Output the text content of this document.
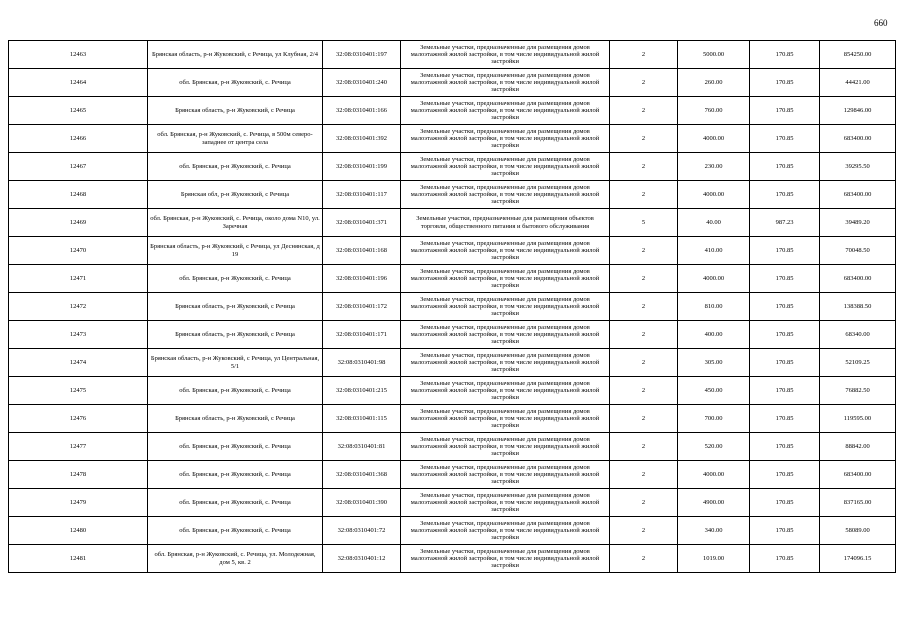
660
12463	Брянская область, р-н Жуковский, с Речица, ул Клубная, 2/4	32:08:0310401:197	Земельные участки, предназначенные для размещения домов малоэтажной жилой застройки, в том числе индивидуальной жилой застройки	2	5000.00	170.85	854250.00
12464	обл. Брянская, р-н Жуковский, с. Речица	32:08:0310401:240	Земельные участки, предназначенные для размещения домов малоэтажной жилой застройки, в том числе индивидуальной жилой застройки	2	260.00	170.85	44421.00
12465	Брянская область, р-н Жуковский, с Речица	32:08:0310401:166	Земельные участки, предназначенные для размещения домов малоэтажной жилой застройки, в том числе индивидуальной жилой застройки	2	760.00	170.85	129846.00
12466	обл. Брянская, р-н Жуковский, с. Речица, в 500м северо-западнее от центра села	32:08:0310401:392	Земельные участки, предназначенные для размещения домов малоэтажной жилой застройки, в том числе индивидуальной жилой застройки	2	4000.00	170.85	683400.00
12467	обл. Брянская, р-н Жуковский, с. Речица	32:08:0310401:199	Земельные участки, предназначенные для размещения домов малоэтажной жилой застройки, в том числе индивидуальной жилой застройки	2	230.00	170.85	39295.50
12468	Брянская обл, р-н Жуковский, с Речица	32:08:0310401:117	Земельные участки, предназначенные для размещения домов малоэтажной жилой застройки, в том числе индивидуальной жилой застройки	2	4000.00	170.85	683400.00
12469	обл. Брянская, р-н Жуковский, с. Речица, около дома N10, ул. Заречная	32:08:0310401:371	Земельные участки, предназначенные для размещения объектов торговли, общественного питания и бытового обслуживания	5	40.00	987.23	39489.20
12470	Брянская область, р-н Жуковский, с Речица, ул Деснянская, д 19	32:08:0310401:168	Земельные участки, предназначенные для размещения домов малоэтажной жилой застройки, в том числе индивидуальной жилой застройки	2	410.00	170.85	70048.50
12471	обл. Брянская, р-н Жуковский, с. Речица	32:08:0310401:196	Земельные участки, предназначенные для размещения домов малоэтажной жилой застройки, в том числе индивидуальной жилой застройки	2	4000.00	170.85	683400.00
12472	Брянская область, р-н Жуковский, с Речица	32:08:0310401:172	Земельные участки, предназначенные для размещения домов малоэтажной жилой застройки, в том числе индивидуальной жилой застройки	2	810.00	170.85	138388.50
12473	Брянская область, р-н Жуковский, с Речица	32:08:0310401:171	Земельные участки, предназначенные для размещения домов малоэтажной жилой застройки, в том числе индивидуальной жилой застройки	2	400.00	170.85	68340.00
12474	Брянская область, р-н Жуковский, с Речица, ул Центральная, 5/1	32:08:0310401:98	Земельные участки, предназначенные для размещения домов малоэтажной жилой застройки, в том числе индивидуальной жилой застройки	2	305.00	170.85	52109.25
12475	обл. Брянская, р-н Жуковский, с. Речица	32:08:0310401:215	Земельные участки, предназначенные для размещения домов малоэтажной жилой застройки, в том числе индивидуальной жилой застройки	2	450.00	170.85	76882.50
12476	Брянская область, р-н Жуковский, с Речица	32:08:0310401:115	Земельные участки, предназначенные для размещения домов малоэтажной жилой застройки, в том числе индивидуальной жилой застройки	2	700.00	170.85	119595.00
12477	обл. Брянская, р-н Жуковский, с. Речица	32:08:0310401:81	Земельные участки, предназначенные для размещения домов малоэтажной жилой застройки, в том числе индивидуальной жилой застройки	2	520.00	170.85	88842.00
12478	обл. Брянская, р-н Жуковский, с. Речица	32:08:0310401:368	Земельные участки, предназначенные для размещения домов малоэтажной жилой застройки, в том числе индивидуальной жилой застройки	2	4000.00	170.85	683400.00
12479	обл. Брянская, р-н Жуковский, с. Речица	32:08:0310401:390	Земельные участки, предназначенные для размещения домов малоэтажной жилой застройки, в том числе индивидуальной жилой застройки	2	4900.00	170.85	837165.00
12480	обл. Брянская, р-н Жуковский, с. Речица	32:08:0310401:72	Земельные участки, предназначенные для размещения домов малоэтажной жилой застройки, в том числе индивидуальной жилой застройки	2	340.00	170.85	58089.00
12481	обл. Брянская, р-н Жуковский, с. Речица, ул. Молодежная, дом 5, кв. 2	32:08:0310401:12	Земельные участки, предназначенные для размещения домов малоэтажной жилой застройки, в том числе индивидуальной жилой застройки	2	1019.00	170.85	174096.15
